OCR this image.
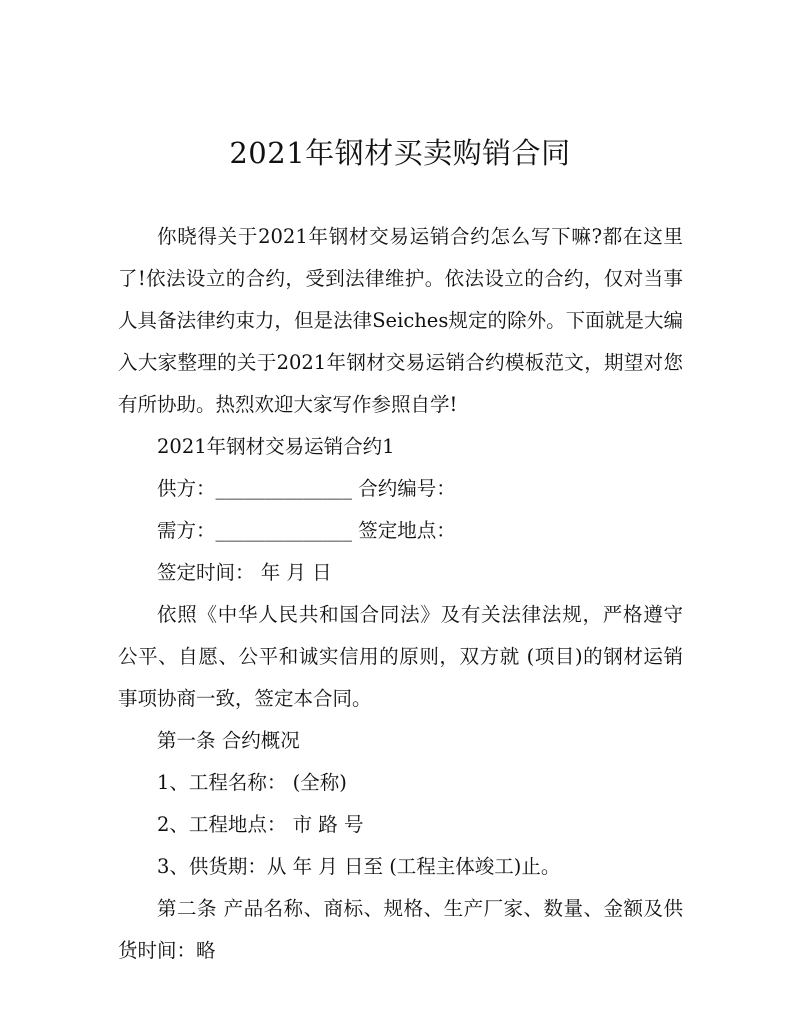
2021年钢材买卖购销合同

你晓得关于2021年钢材交易运销合约怎么写下嘛?都在这里了!依法设立的合约，受到法律维护。依法设立的合约，仅对当事人具备法律约束力，但是法律Seiches规定的除外。下面就是大编入大家整理的关于2021年钢材交易运销合约模板范文，期望对您有所协助。热烈欢迎大家写作参照自学!

2021年钢材交易运销合约1

供方：______________ 合约编号：

需方：______________ 签定地点：

签定时间： 年 月 日

依照《中华人民共和国合同法》及有关法律法规，严格遵守公平、自愿、公平和诚实信用的原则，双方就 (项目)的钢材运销事项协商一致，签定本合同。

第一条 合约概况

1、工程名称： (全称)

2、工程地点： 市 路 号

3、供货期：从 年 月 日至 (工程主体竣工)止。

第二条 产品名称、商标、规格、生产厂家、数量、金额及供货时间：略
